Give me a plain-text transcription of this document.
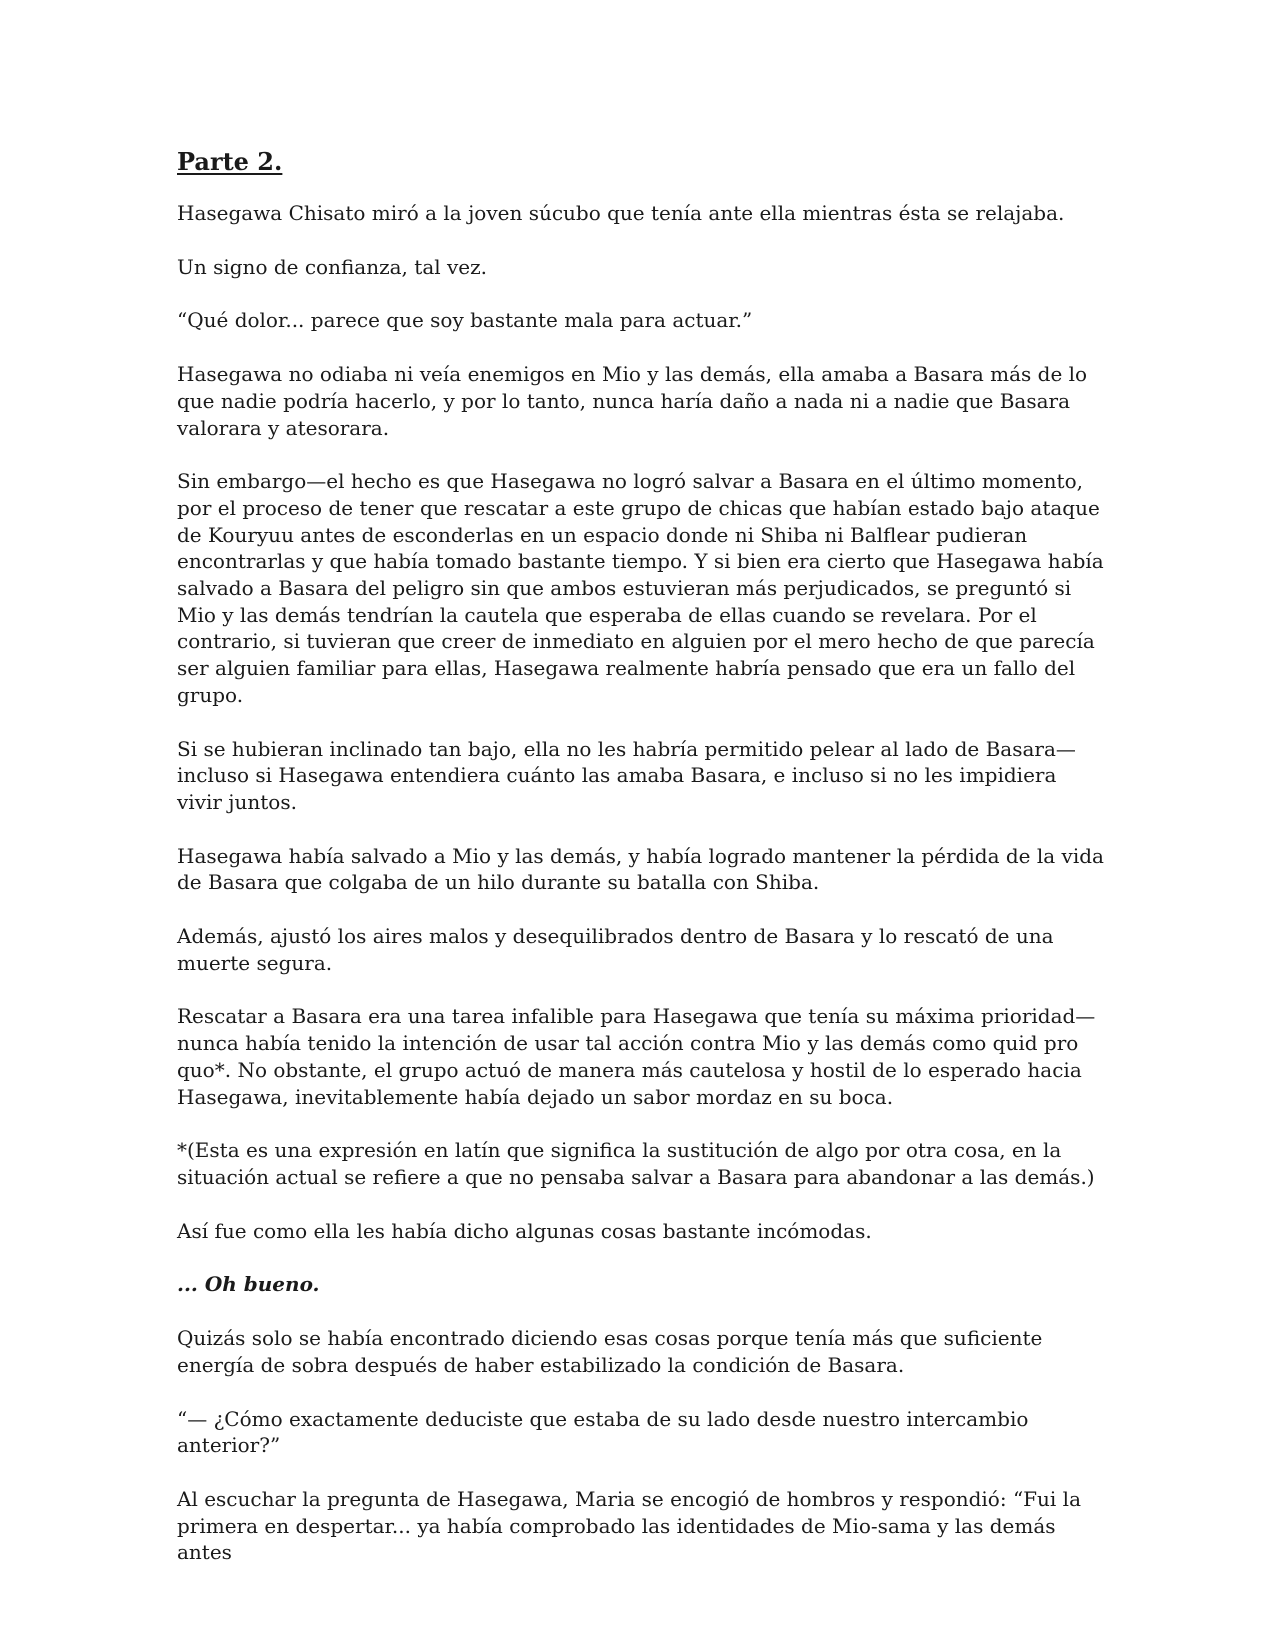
Parte 2.

Hasegawa Chisato miró a la joven súcubo que tenía ante ella mientras ésta se relajaba.

Un signo de confianza, tal vez.

“Qué dolor... parece que soy bastante mala para actuar.”

Hasegawa no odiaba ni veía enemigos en Mio y las demás, ella amaba a Basara más de lo que nadie podría hacerlo, y por lo tanto, nunca haría daño a nada ni a nadie que Basara valorara y atesorara.

Sin embargo—el hecho es que Hasegawa no logró salvar a Basara en el último momento, por el proceso de tener que rescatar a este grupo de chicas que habían estado bajo ataque de Kouryuu antes de esconderlas en un espacio donde ni Shiba ni Balflear pudieran encontrarlas y que había tomado bastante tiempo. Y si bien era cierto que Hasegawa había salvado a Basara del peligro sin que ambos estuvieran más perjudicados, se preguntó si Mio y las demás tendrían la cautela que esperaba de ellas cuando se revelara. Por el contrario, si tuvieran que creer de inmediato en alguien por el mero hecho de que parecía ser alguien familiar para ellas, Hasegawa realmente habría pensado que era un fallo del grupo.

Si se hubieran inclinado tan bajo, ella no les habría permitido pelear al lado de Basara—incluso si Hasegawa entendiera cuánto las amaba Basara, e incluso si no les impidiera vivir juntos.

Hasegawa había salvado a Mio y las demás, y había logrado mantener la pérdida de la vida de Basara que colgaba de un hilo durante su batalla con Shiba.

Además, ajustó los aires malos y desequilibrados dentro de Basara y lo rescató de una muerte segura.

Rescatar a Basara era una tarea infalible para Hasegawa que tenía su máxima prioridad—nunca había tenido la intención de usar tal acción contra Mio y las demás como quid pro quo*. No obstante, el grupo actuó de manera más cautelosa y hostil de lo esperado hacia Hasegawa, inevitablemente había dejado un sabor mordaz en su boca.

*(Esta es una expresión en latín que significa la sustitución de algo por otra cosa, en la situación actual se refiere a que no pensaba salvar a Basara para abandonar a las demás.)

Así fue como ella les había dicho algunas cosas bastante incómodas.

... Oh bueno.

Quizás solo se había encontrado diciendo esas cosas porque tenía más que suficiente energía de sobra después de haber estabilizado la condición de Basara.

“— ¿Cómo exactamente deduciste que estaba de su lado desde nuestro intercambio anterior?”

Al escuchar la pregunta de Hasegawa, Maria se encogió de hombros y respondió: “Fui la primera en despertar... ya había comprobado las identidades de Mio-sama y las demás antes
